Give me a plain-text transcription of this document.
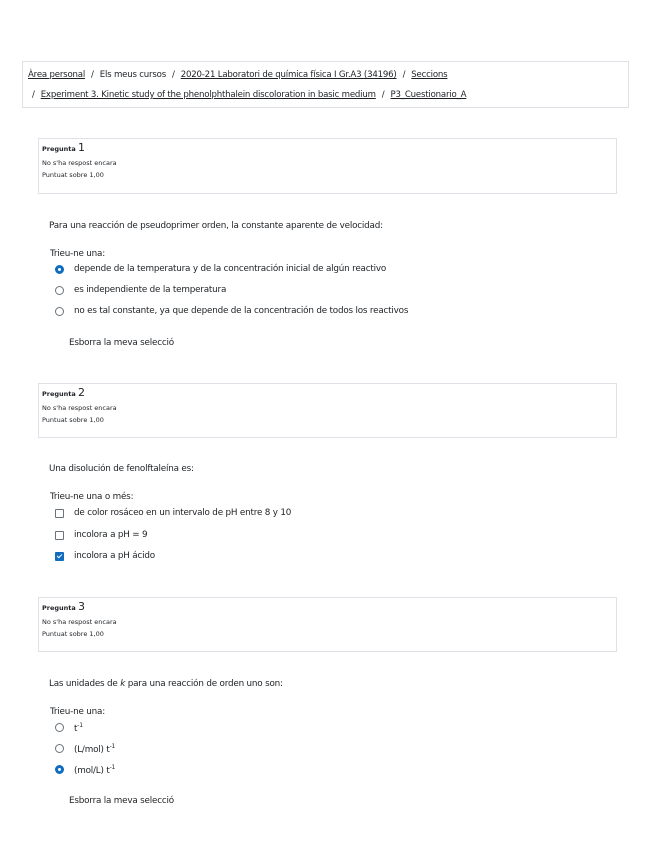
Àrea personal / Els meus cursos / 2020-21 Laboratori de química física I Gr.A3 (34196) / Seccions
/ Experiment 3. Kinetic study of the phenolphthalein discoloration in basic medium / P3_Cuestionario_A
Pregunta 1
No s'ha respost encara
Puntuat sobre 1,00
Para una reacción de pseudoprimer orden, la constante aparente de velocidad:
Trieu-ne una:
depende de la temperatura y de la concentración inicial de algún reactivo
es independiente de la temperatura
no es tal constante, ya que depende de la concentración de todos los reactivos
Esborra la meva selecció
Pregunta 2
No s'ha respost encara
Puntuat sobre 1,00
Una disolución de fenolftaleína es:
Trieu-ne una o més:
de color rosáceo en un intervalo de pH entre 8 y 10
incolora a pH = 9
incolora a pH ácido
Pregunta 3
No s'ha respost encara
Puntuat sobre 1,00
Las unidades de k para una reacción de orden uno son:
Trieu-ne una:
$t^{-1}$
(L/mol) $t^{-1}$
(mol/L) $t^{-1}$
Esborra la meva selecció
